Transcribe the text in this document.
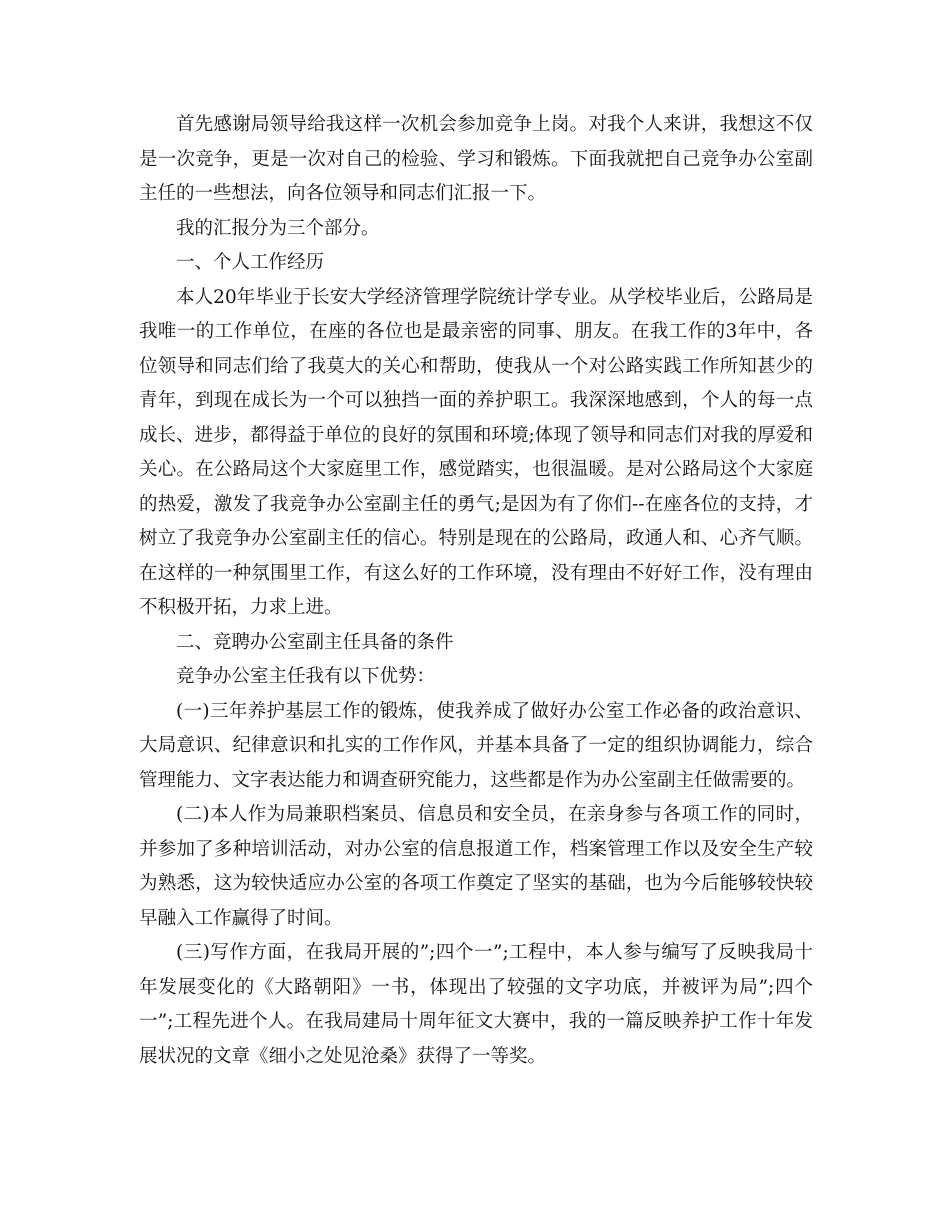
首先感谢局领导给我这样一次机会参加竞争上岗。对我个人来讲，我想这不仅是一次竞争，更是一次对自己的检验、学习和锻炼。下面我就把自己竞争办公室副主任的一些想法，向各位领导和同志们汇报一下。

我的汇报分为三个部分。

一、个人工作经历

本人20年毕业于长安大学经济管理学院统计学专业。从学校毕业后，公路局是我唯一的工作单位，在座的各位也是最亲密的同事、朋友。在我工作的3年中，各位领导和同志们给了我莫大的关心和帮助，使我从一个对公路实践工作所知甚少的青年，到现在成长为一个可以独挡一面的养护职工。我深深地感到，个人的每一点成长、进步，都得益于单位的良好的氛围和环境;体现了领导和同志们对我的厚爱和关心。在公路局这个大家庭里工作，感觉踏实，也很温暖。是对公路局这个大家庭的热爱，激发了我竞争办公室副主任的勇气;是因为有了你们--在座各位的支持，才树立了我竞争办公室副主任的信心。特别是现在的公路局，政通人和、心齐气顺。在这样的一种氛围里工作，有这么好的工作环境，没有理由不好好工作，没有理由不积极开拓，力求上进。

二、竞聘办公室副主任具备的条件

竞争办公室主任我有以下优势：

(一)三年养护基层工作的锻炼，使我养成了做好办公室工作必备的政治意识、大局意识、纪律意识和扎实的工作作风，并基本具备了一定的组织协调能力，综合管理能力、文字表达能力和调查研究能力，这些都是作为办公室副主任做需要的。

(二)本人作为局兼职档案员、信息员和安全员，在亲身参与各项工作的同时，并参加了多种培训活动，对办公室的信息报道工作，档案管理工作以及安全生产较为熟悉，这为较快适应办公室的各项工作奠定了坚实的基础，也为今后能够较快较早融入工作赢得了时间。

(三)写作方面，在我局开展的”;四个一”;工程中，本人参与编写了反映我局十年发展变化的《大路朝阳》一书，体现出了较强的文字功底，并被评为局”;四个一”;工程先进个人。在我局建局十周年征文大赛中，我的一篇反映养护工作十年发展状况的文章《细小之处见沧桑》获得了一等奖。
